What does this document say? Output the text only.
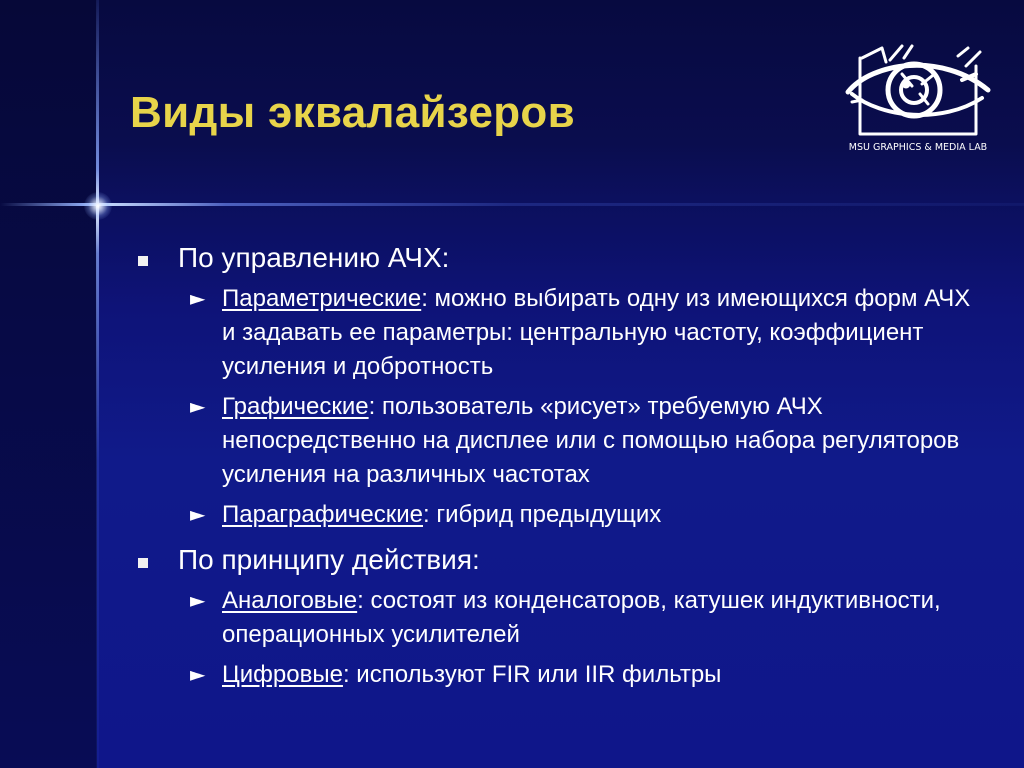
Виды эквалайзеров
MSU GRAPHICS & MEDIA LAB
По управлению АЧХ:
► Параметрические: можно выбирать одну из имеющихся форм АЧХ и задавать ее параметры: центральную частоту, коэффициент усиления и добротность
► Графические: пользователь «рисует» требуемую АЧХ непосредственно на дисплее или с помощью набора регуляторов усиления на различных частотах
► Параграфические: гибрид предыдущих
По принципу действия:
► Аналоговые: состоят из конденсаторов, катушек индуктивности, операционных усилителей
► Цифровые: используют FIR или IIR фильтры
